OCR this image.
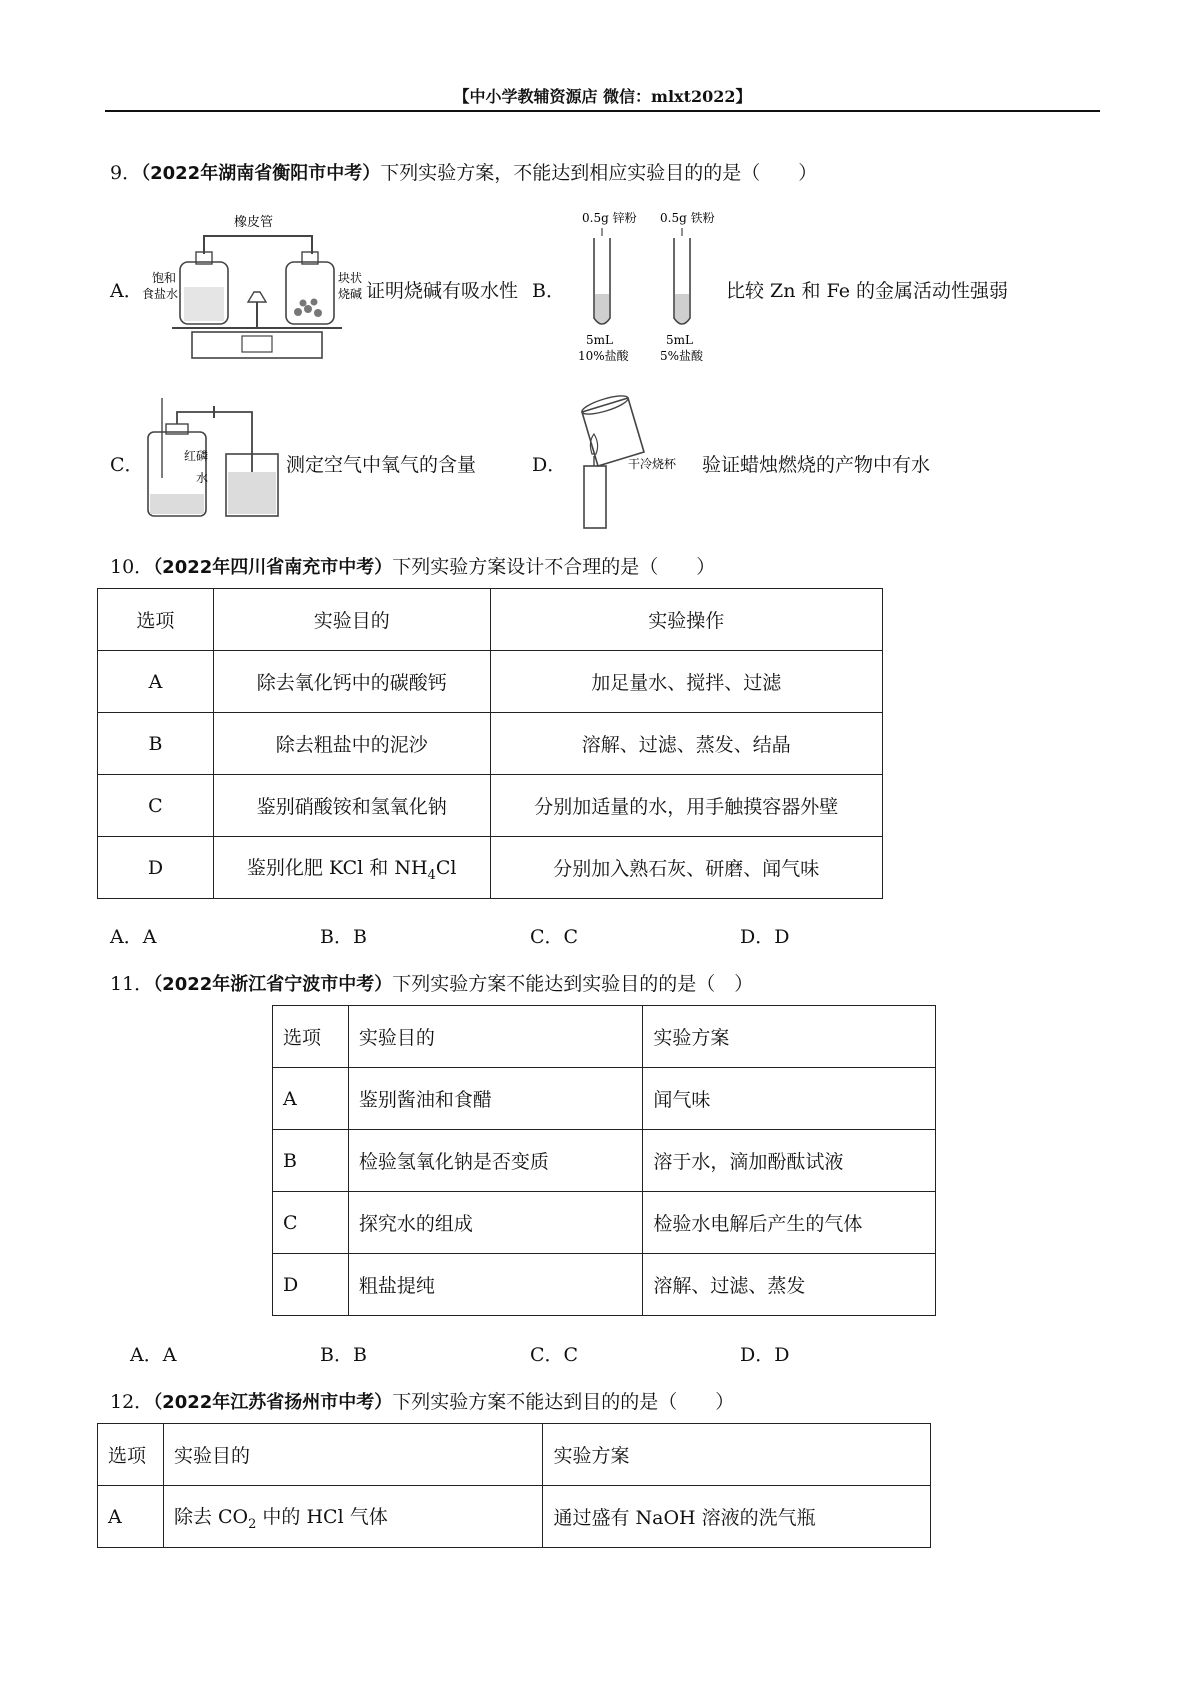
【中小学教辅资源店 微信：mlxt2022】
9．（2022年湖南省衡阳市中考）下列实验方案，不能达到相应实验目的的是（　　）
A．
橡皮管
饱和
食盐水
块状
烧碱 证明烧碱有吸水性 B．
0.5g 锌粉 0.5g 铁粉
5mL
10%盐酸
5mL
5%盐酸
比较 Zn 和 Fe 的金属活动性强弱
C．	红磷
水
测定空气中氧气的含量	D．	干冷烧杯 验证蜡烛燃烧的产物中有水
10．（2022年四川省南充市中考）下列实验方案设计不合理的是（　　）
选项	实验目的	实验操作
A	除去氧化钙中的碳酸钙	加足量水、搅拌、过滤
B	除去粗盐中的泥沙	溶解、过滤、蒸发、结晶
C	鉴别硝酸铵和氢氧化钠	分别加适量的水，用手触摸容器外壁
D	鉴别化肥 KCl 和 $NH_4Cl$	分别加入熟石灰、研磨、闻气味
A．A	B．B	C．C	D．D
11．（2022年浙江省宁波市中考）下列实验方案不能达到实验目的的是（　）
选项	实验目的	实验方案
A	鉴别酱油和食醋	闻气味
B	检验氢氧化钠是否变质	溶于水，滴加酚酞试液
C	探究水的组成	检验水电解后产生的气体
D	粗盐提纯	溶解、过滤、蒸发
A．A	B．B	C．C	D．D
12．（2022年江苏省扬州市中考）下列实验方案不能达到目的的是（　　）
选项	实验目的	实验方案
A	除去 $CO_2$ 中的 HCl 气体	通过盛有 NaOH 溶液的洗气瓶
